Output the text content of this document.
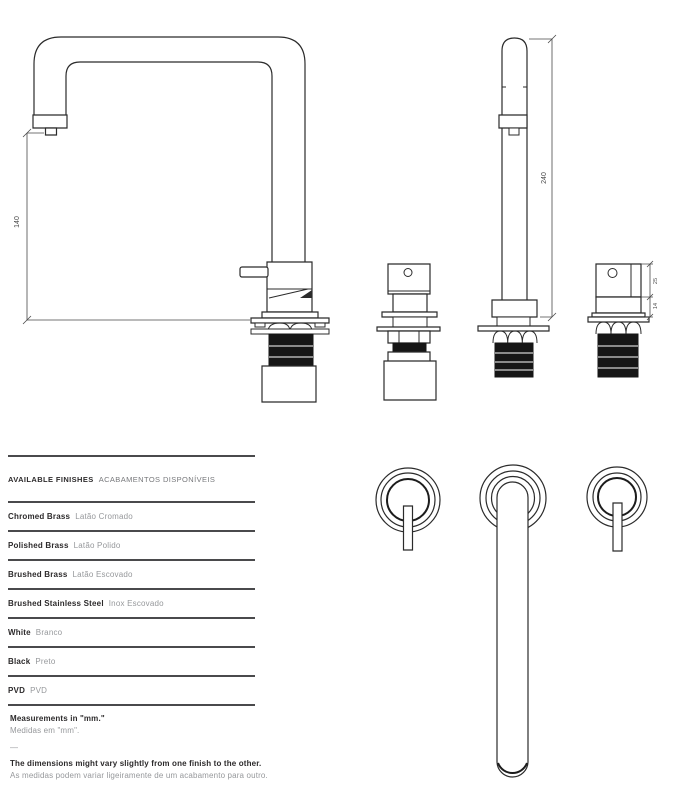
140
240
25
14
AVAILABLE FINISHES ACABAMENTOS DISPONÍVEIS
Chromed Brass Latão Cromado
Polished Brass Latão Polido
Brushed Brass Latão Escovado
Brushed Stainless Steel Inox Escovado
White Branco
Black Preto
PVD PVD
Measurements in "mm."
Medidas em "mm".
—
The dimensions might vary slightly from one finish to the other.
As medidas podem variar ligeiramente de um acabamento para outro.
